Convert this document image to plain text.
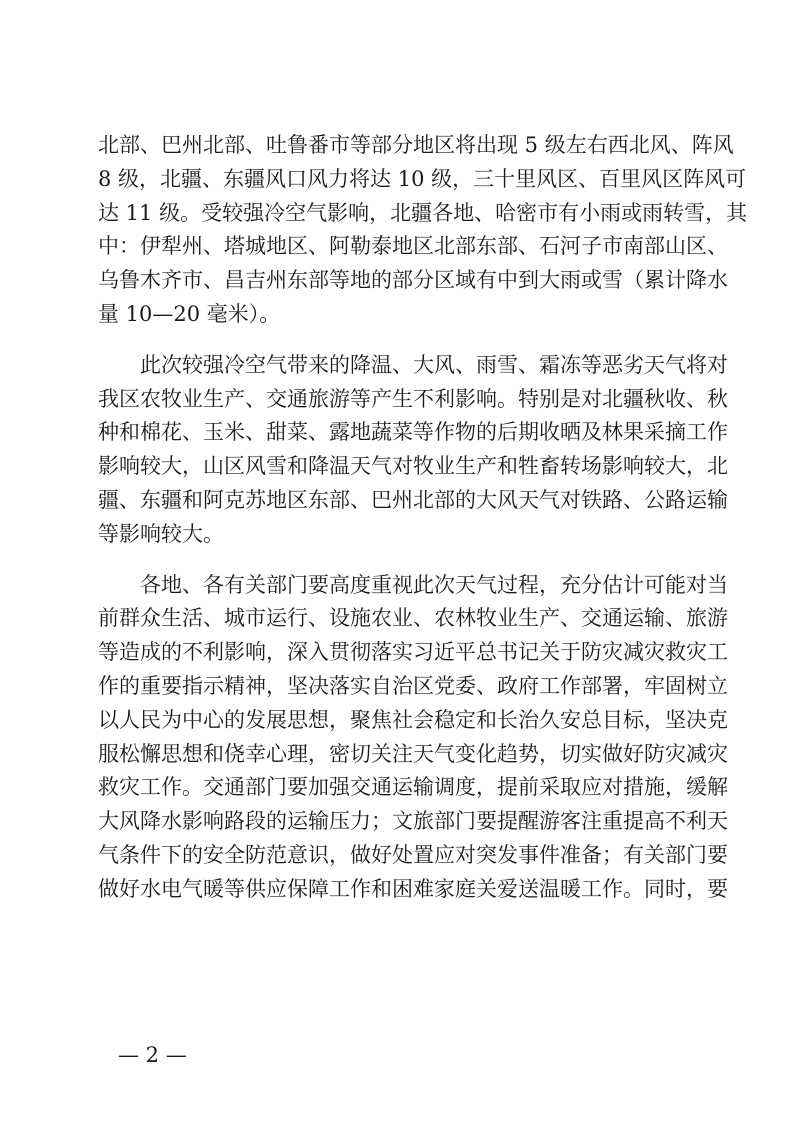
北部、巴州北部、吐鲁番市等部分地区将出现 5 级左右西北风、阵风
8 级，北疆、东疆风口风力将达 10 级，三十里风区、百里风区阵风可
达 11 级。受较强冷空气影响，北疆各地、哈密市有小雨或雨转雪，其
中：伊犁州、塔城地区、阿勒泰地区北部东部、石河子市南部山区、
乌鲁木齐市、昌吉州东部等地的部分区域有中到大雨或雪（累计降水
量 10—20 毫米）。
此次较强冷空气带来的降温、大风、雨雪、霜冻等恶劣天气将对
我区农牧业生产、交通旅游等产生不利影响。特别是对北疆秋收、秋
种和棉花、玉米、甜菜、露地蔬菜等作物的后期收晒及林果采摘工作
影响较大，山区风雪和降温天气对牧业生产和牲畜转场影响较大，北
疆、东疆和阿克苏地区东部、巴州北部的大风天气对铁路、公路运输
等影响较大。
各地、各有关部门要高度重视此次天气过程，充分估计可能对当
前群众生活、城市运行、设施农业、农林牧业生产、交通运输、旅游
等造成的不利影响，深入贯彻落实习近平总书记关于防灾减灾救灾工
作的重要指示精神，坚决落实自治区党委、政府工作部署，牢固树立
以人民为中心的发展思想，聚焦社会稳定和长治久安总目标，坚决克
服松懈思想和侥幸心理，密切关注天气变化趋势，切实做好防灾减灾
救灾工作。交通部门要加强交通运输调度，提前采取应对措施，缓解
大风降水影响路段的运输压力；文旅部门要提醒游客注重提高不利天
气条件下的安全防范意识，做好处置应对突发事件准备；有关部门要
做好水电气暖等供应保障工作和困难家庭关爱送温暖工作。同时，要
— 2 —
